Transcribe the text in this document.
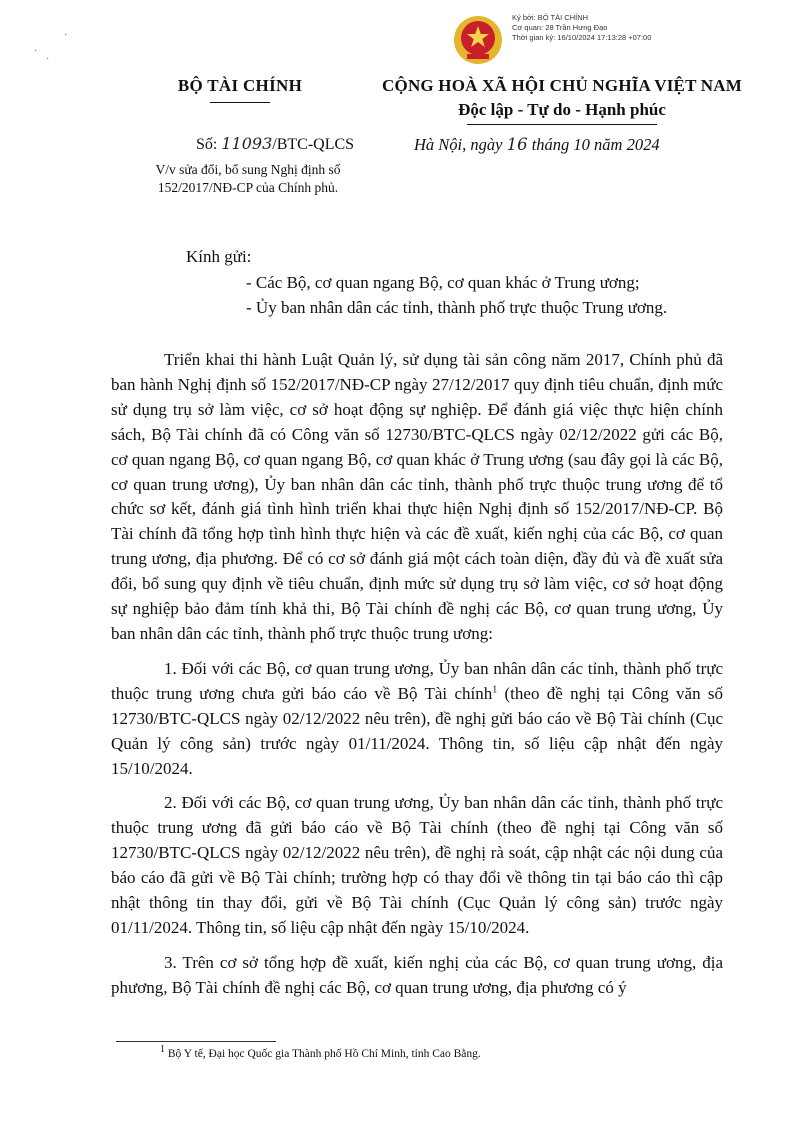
Ký bởi: BỘ TÀI CHÍNH
Cơ quan: 28 Trần Hưng Đạo
Thời gian ký: 16/10/2024 17:13:28 +07:00
·
·
·
BỘ TÀI CHÍNH	CỘNG HOÀ XÃ HỘI CHỦ NGHĨA VIỆT NAM
Độc lập - Tự do - Hạnh phúc
Số: 11093/BTC-QLCS
V/v sửa đổi, bổ sung Nghị định số 152/2017/NĐ-CP của Chính phủ.
Hà Nội, ngày 16 tháng 10 năm 2024
Kính gửi:
- Các Bộ, cơ quan ngang Bộ, cơ quan khác ở Trung ương;
- Ủy ban nhân dân các tỉnh, thành phố trực thuộc Trung ương.

Triển khai thi hành Luật Quản lý, sử dụng tài sản công năm 2017, Chính phủ đã ban hành Nghị định số 152/2017/NĐ-CP ngày 27/12/2017 quy định tiêu chuẩn, định mức sử dụng trụ sở làm việc, cơ sở hoạt động sự nghiệp. Để đánh giá việc thực hiện chính sách, Bộ Tài chính đã có Công văn số 12730/BTC-QLCS ngày 02/12/2022 gửi các Bộ, cơ quan ngang Bộ, cơ quan ngang Bộ, cơ quan khác ở Trung ương (sau đây gọi là các Bộ, cơ quan trung ương), Ủy ban nhân dân các tỉnh, thành phố trực thuộc trung ương để tổ chức sơ kết, đánh giá tình hình triển khai thực hiện Nghị định số 152/2017/NĐ-CP. Bộ Tài chính đã tổng hợp tình hình thực hiện và các đề xuất, kiến nghị của các Bộ, cơ quan trung ương, địa phương. Để có cơ sở đánh giá một cách toàn diện, đầy đủ và đề xuất sửa đổi, bổ sung quy định về tiêu chuẩn, định mức sử dụng trụ sở làm việc, cơ sở hoạt động sự nghiệp bảo đảm tính khả thi, Bộ Tài chính đề nghị các Bộ, cơ quan trung ương, Ủy ban nhân dân các tỉnh, thành phố trực thuộc trung ương:

1. Đối với các Bộ, cơ quan trung ương, Ủy ban nhân dân các tỉnh, thành phố trực thuộc trung ương chưa gửi báo cáo về Bộ Tài chính$^1$ (theo đề nghị tại Công văn số 12730/BTC-QLCS ngày 02/12/2022 nêu trên), đề nghị gửi báo cáo về Bộ Tài chính (Cục Quản lý công sản) trước ngày 01/11/2024. Thông tin, số liệu cập nhật đến ngày 15/10/2024.

2. Đối với các Bộ, cơ quan trung ương, Ủy ban nhân dân các tỉnh, thành phố trực thuộc trung ương đã gửi báo cáo về Bộ Tài chính (theo đề nghị tại Công văn số 12730/BTC-QLCS ngày 02/12/2022 nêu trên), đề nghị rà soát, cập nhật các nội dung của báo cáo đã gửi về Bộ Tài chính; trường hợp có thay đổi về thông tin tại báo cáo thì cập nhật thông tin thay đổi, gửi về Bộ Tài chính (Cục Quản lý công sản) trước ngày 01/11/2024. Thông tin, số liệu cập nhật đến ngày 15/10/2024.

3. Trên cơ sở tổng hợp đề xuất, kiến nghị của các Bộ, cơ quan trung ương, địa phương, Bộ Tài chính đề nghị các Bộ, cơ quan trung ương, địa phương có ý

$^1$ Bộ Y tế, Đại học Quốc gia Thành phố Hồ Chí Minh, tỉnh Cao Bằng.
